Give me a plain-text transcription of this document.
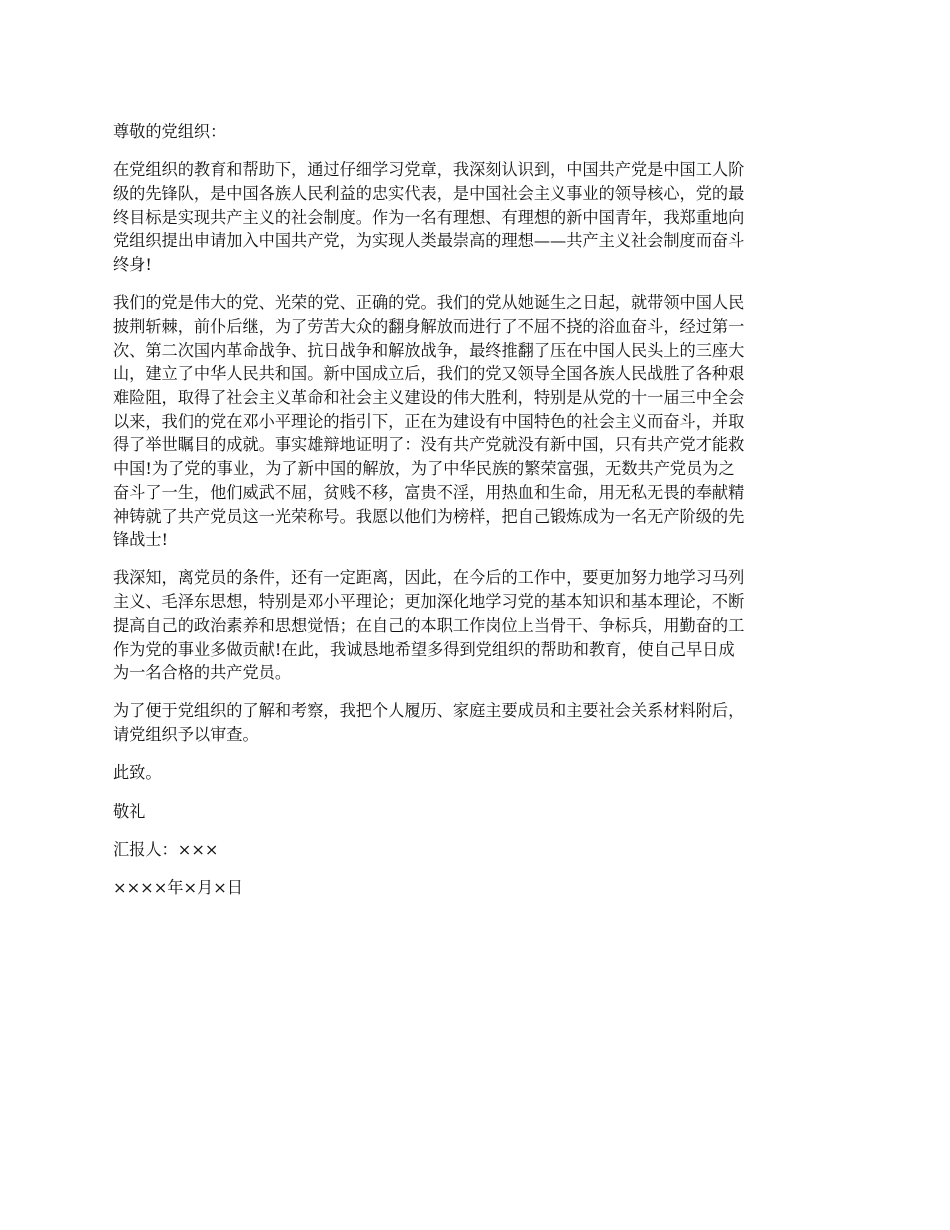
尊敬的党组织：

在党组织的教育和帮助下，通过仔细学习党章，我深刻认识到，中国共产党是中国工人阶
级的先锋队，是中国各族人民利益的忠实代表，是中国社会主义事业的领导核心，党的最
终目标是实现共产主义的社会制度。作为一名有理想、有理想的新中国青年，我郑重地向
党组织提出申请加入中国共产党，为实现人类最崇高的理想——共产主义社会制度而奋斗
终身!

我们的党是伟大的党、光荣的党、正确的党。我们的党从她诞生之日起，就带领中国人民
披荆斩棘，前仆后继，为了劳苦大众的翻身解放而进行了不屈不挠的浴血奋斗，经过第一
次、第二次国内革命战争、抗日战争和解放战争，最终推翻了压在中国人民头上的三座大
山，建立了中华人民共和国。新中国成立后，我们的党又领导全国各族人民战胜了各种艰
难险阻，取得了社会主义革命和社会主义建设的伟大胜利，特别是从党的十一届三中全会
以来，我们的党在邓小平理论的指引下，正在为建设有中国特色的社会主义而奋斗，并取
得了举世瞩目的成就。事实雄辩地证明了：没有共产党就没有新中国，只有共产党才能救
中国!为了党的事业，为了新中国的解放，为了中华民族的繁荣富强，无数共产党员为之
奋斗了一生，他们威武不屈，贫贱不移，富贵不淫，用热血和生命，用无私无畏的奉献精
神铸就了共产党员这一光荣称号。我愿以他们为榜样，把自己锻炼成为一名无产阶级的先
锋战士!

我深知，离党员的条件，还有一定距离，因此，在今后的工作中，要更加努力地学习马列
主义、毛泽东思想，特别是邓小平理论；更加深化地学习党的基本知识和基本理论，不断
提高自己的政治素养和思想觉悟；在自己的本职工作岗位上当骨干、争标兵，用勤奋的工
作为党的事业多做贡献!在此，我诚恳地希望多得到党组织的帮助和教育，使自己早日成
为一名合格的共产党员。

为了便于党组织的了解和考察，我把个人履历、家庭主要成员和主要社会关系材料附后，
请党组织予以审查。

此致。

敬礼

汇报人：×××

××××年×月×日
